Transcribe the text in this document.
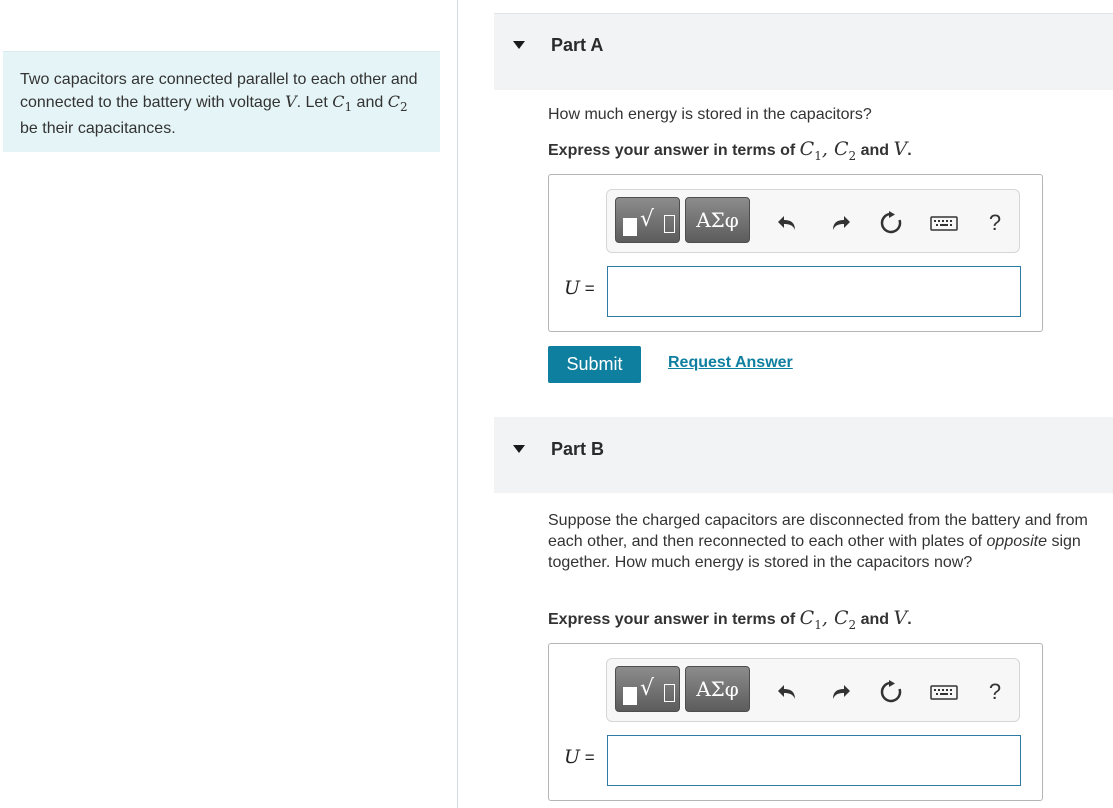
Two capacitors are connected parallel to each other and connected to the battery with voltage V. Let $C_1$ and $C_2$ be their capacitances.
Part A
How much energy is stored in the capacitors?
Express your answer in terms of $C_1$, $C_2$ and V.
√	ΑΣφ	?
U =
Submit	Request Answer
Part B
Suppose the charged capacitors are disconnected from the battery and from each other, and then reconnected to each other with plates of opposite sign together. How much energy is stored in the capacitors now?
Express your answer in terms of $C_1$, $C_2$ and V.
√	ΑΣφ	?
U =
